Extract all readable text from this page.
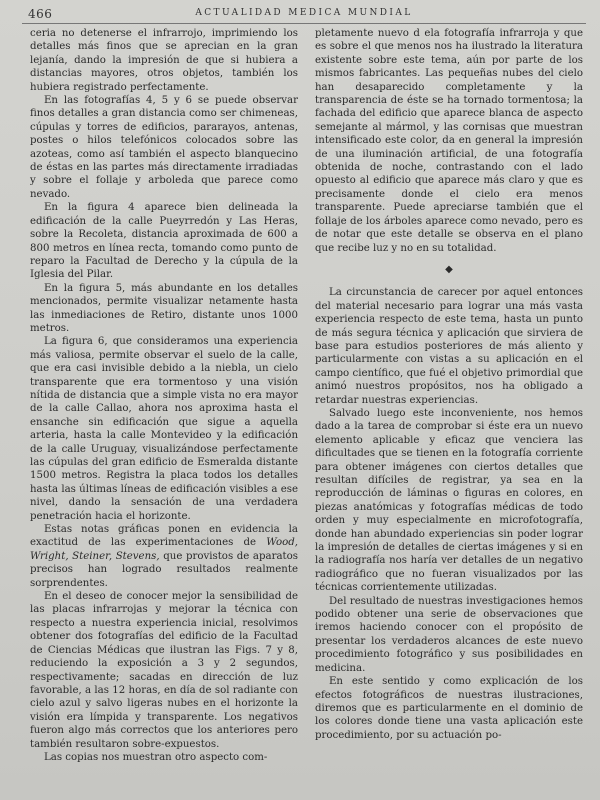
466	ACTUALIDAD MEDICA MUNDIAL

ceria no detenerse el infrarrojo, imprimiendo los detalles más finos que se aprecian en la gran lejanía, dando la impresión de que si hubiera a distancias mayores, otros objetos, también los hubiera registrado perfectamente.

En las fotografías 4, 5 y 6 se puede observar finos detalles a gran distancia como ser chimeneas, cúpulas y torres de edificios, pararayos, antenas, postes o hilos telefónicos colocados sobre las azoteas, como así también el aspecto blanquecino de éstas en las partes más directamente irradiadas y sobre el follaje y arboleda que parece como nevado.

En la figura 4 aparece bien delineada la edificación de la calle Pueyrredón y Las Heras, sobre la Recoleta, distancia aproximada de 600 a 800 metros en línea recta, tomando como punto de reparo la Facultad de Derecho y la cúpula de la Iglesia del Pilar.

En la figura 5, más abundante en los detalles mencionados, permite visualizar netamente hasta las inmediaciones de Retiro, distante unos 1000 metros.

La figura 6, que consideramos una experiencia más valiosa, permite observar el suelo de la calle, que era casi invisible debido a la niebla, un cielo transparente que era tormentoso y una visión nítida de distancia que a simple vista no era mayor de la calle Callao, ahora nos aproxima hasta el ensanche sin edificación que sigue a aquella arteria, hasta la calle Montevideo y la edificación de la calle Uruguay, visualizándose perfectamente las cúpulas del gran edificio de Esmeralda distante 1500 metros. Registra la placa todos los detalles hasta las últimas líneas de edificación visibles a ese nivel, dando la sensación de una verdadera penetración hacia el horizonte.

Estas notas gráficas ponen en evidencia la exactitud de las experimentaciones de Wood, Wright, Steiner, Stevens, que provistos de aparatos precisos han logrado resultados realmente sorprendentes.

En el deseo de conocer mejor la sensibilidad de las placas infrarrojas y mejorar la técnica con respecto a nuestra experiencia inicial, resolvimos obtener dos fotografías del edificio de la Facultad de Ciencias Médicas que ilustran las Figs. 7 y 8, reduciendo la exposición a 3 y 2 segundos, respectivamente; sacadas en dirección de luz favorable, a las 12 horas, en día de sol radiante con cielo azul y salvo ligeras nubes en el horizonte la visión era límpida y transparente. Los negativos fueron algo más correctos que los anteriores pero también resultaron sobre-expuestos.

Las copias nos muestran otro aspecto com-

pletamente nuevo d ela fotografía infrarroja y que es sobre el que menos nos ha ilustrado la literatura existente sobre este tema, aún por parte de los mismos fabricantes. Las pequeñas nubes del cielo han desaparecido completamente y la transparencia de éste se ha tornado tormentosa; la fachada del edificio que aparece blanca de aspecto semejante al mármol, y las cornisas que muestran intensificado este color, da en general la impresión de una iluminación artificial, de una fotografía obtenida de noche, contrastando con el lado opuesto al edificio que aparece más claro y que es precisamente donde el cielo era menos transparente. Puede apreciarse también que el follaje de los árboles aparece como nevado, pero es de notar que este detalle se observa en el plano que recibe luz y no en su totalidad.

◆

La circunstancia de carecer por aquel entonces del material necesario para lograr una más vasta experiencia respecto de este tema, hasta un punto de más segura técnica y aplicación que sirviera de base para estudios posteriores de más aliento y particularmente con vistas a su aplicación en el campo científico, que fué el objetivo primordial que animó nuestros propósitos, nos ha obligado a retardar nuestras experiencias.

Salvado luego este inconveniente, nos hemos dado a la tarea de comprobar si éste era un nuevo elemento aplicable y eficaz que venciera las dificultades que se tienen en la fotografía corriente para obtener imágenes con ciertos detalles que resultan difíciles de registrar, ya sea en la reproducción de láminas o figuras en colores, en piezas anatómicas y fotografías médicas de todo orden y muy especialmente en microfotografía, donde han abundado experiencias sin poder lograr la impresión de detalles de ciertas imágenes y si en la radiografía nos haría ver detalles de un negativo radiográfico que no fueran visualizados por las técnicas corrientemente utilizadas.

Del resultado de nuestras investigaciones hemos podido obtener una serie de observaciones que iremos haciendo conocer con el propósito de presentar los verdaderos alcances de este nuevo procedimiento fotográfico y sus posibilidades en medicina.

En este sentido y como explicación de los efectos fotográficos de nuestras ilustraciones, diremos que es particularmente en el dominio de los colores donde tiene una vasta aplicación este procedimiento, por su actuación po-
